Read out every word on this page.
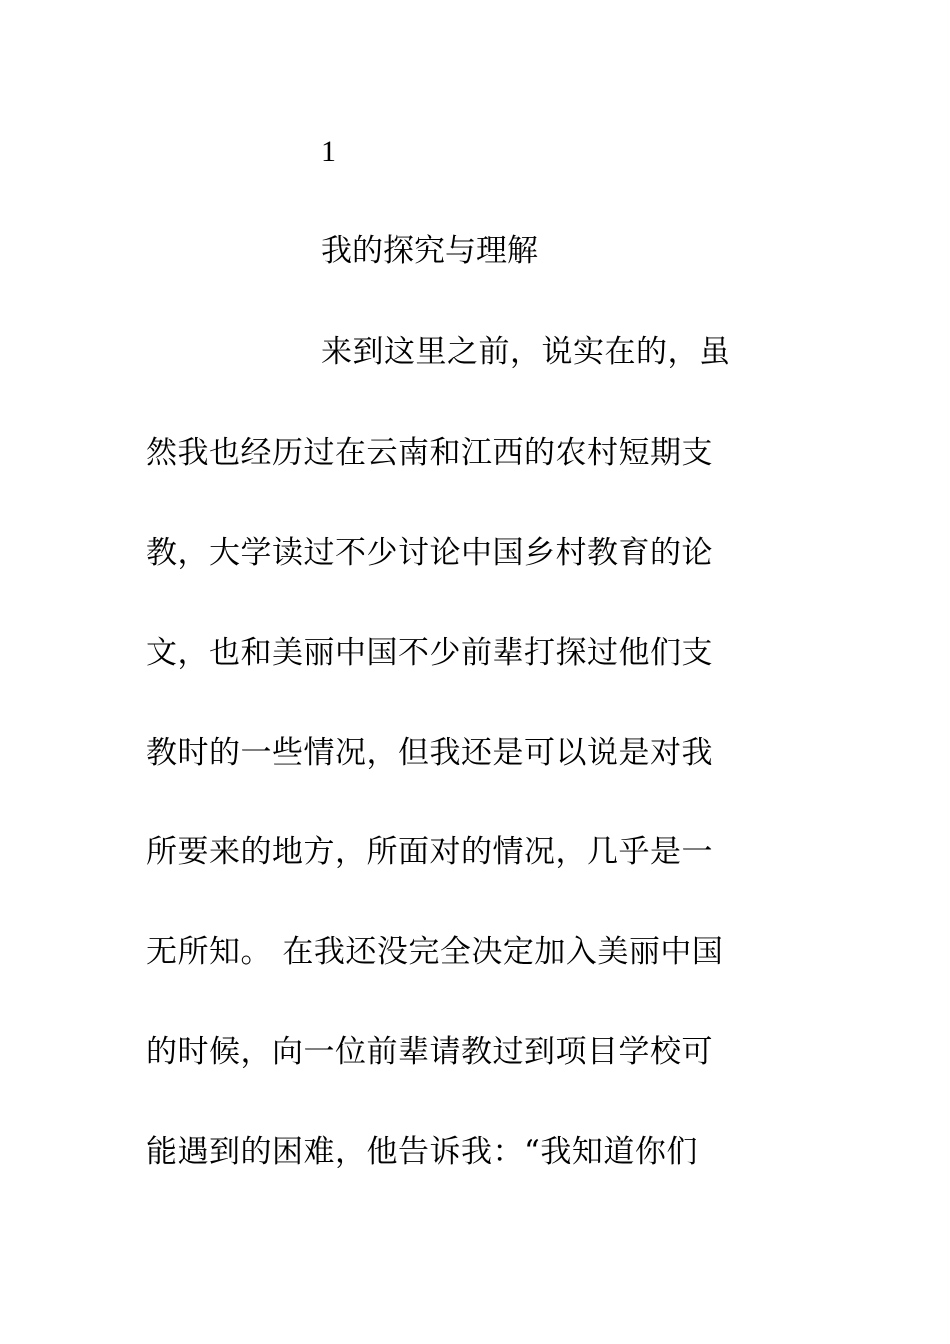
1
我的探究与理解
来到这里之前，说实在的，虽
然我也经历过在云南和江西的农村短期支
教，大学读过不少讨论中国乡村教育的论
文，也和美丽中国不少前辈打探过他们支
教时的一些情况，但我还是可以说是对我
所要来的地方，所面对的情况，几乎是一
无所知。 在我还没完全决定加入美丽中国
的时候，向一位前辈请教过到项目学校可
能遇到的困难，他告诉我：“我知道你们
